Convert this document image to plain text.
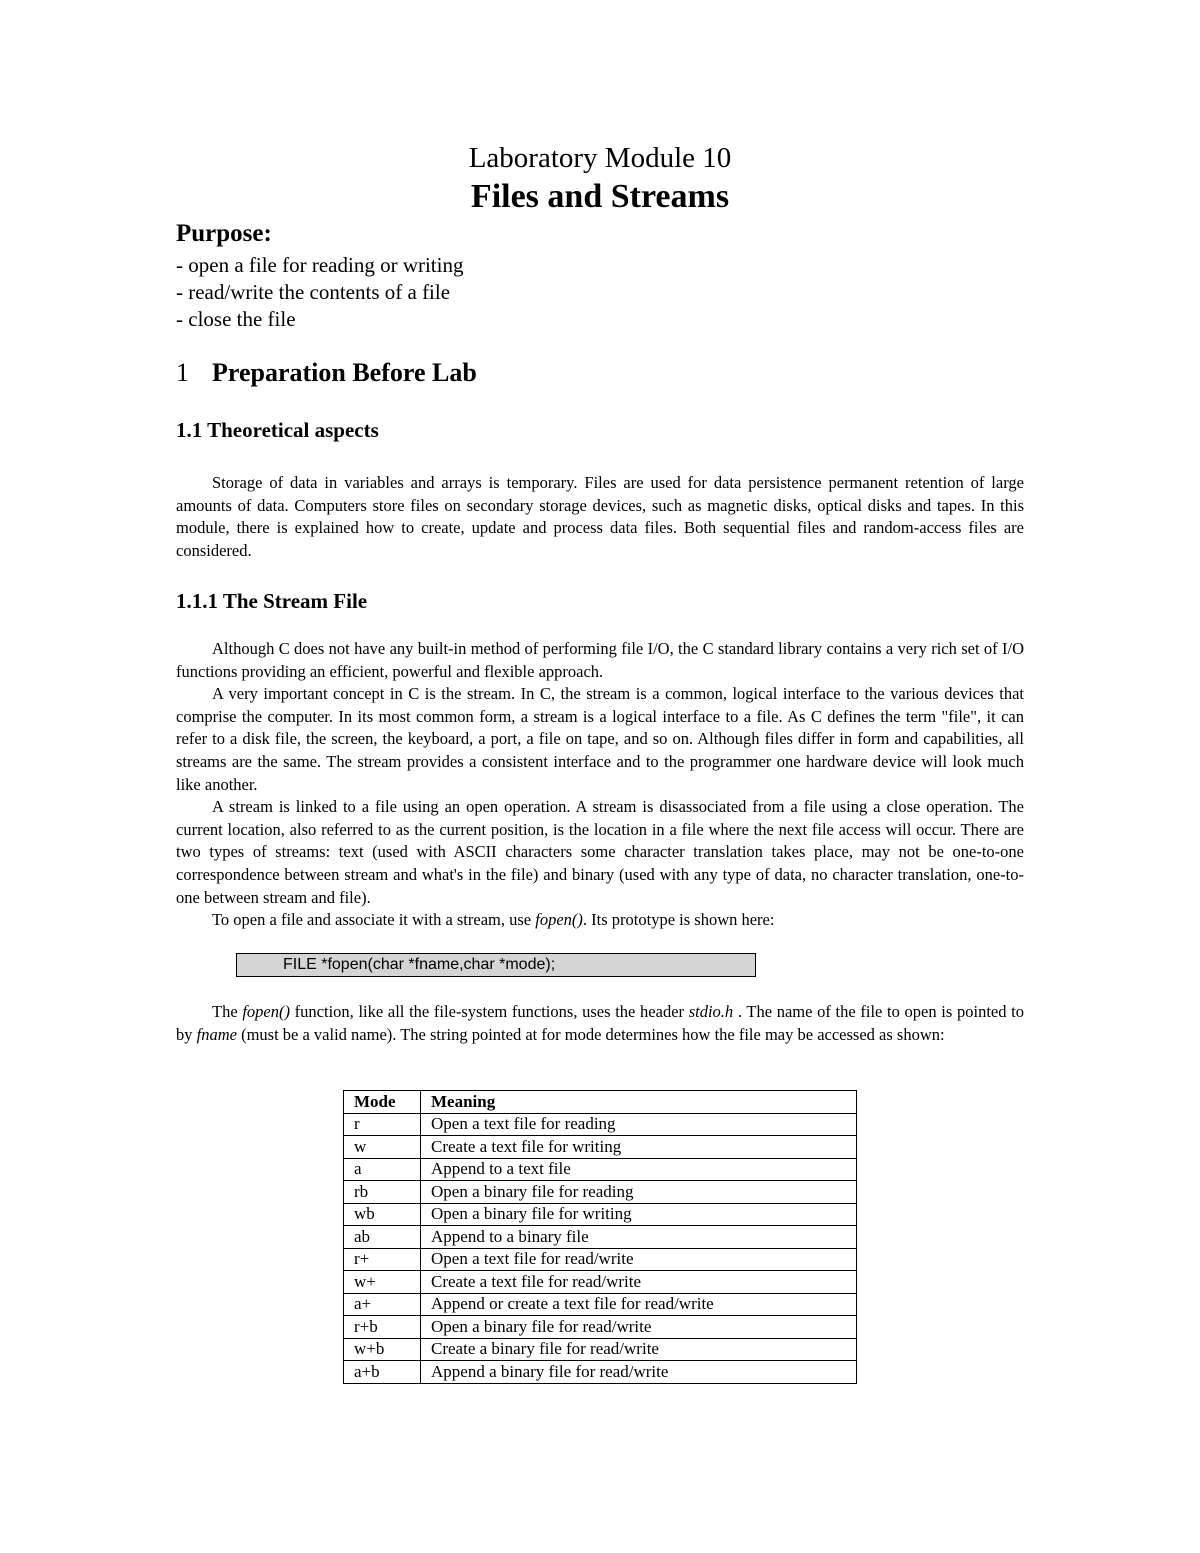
Laboratory Module 10
Files and Streams
Purpose:
- open a file for reading or writing
- read/write the contents of a file
- close the file
1 Preparation Before Lab
1.1 Theoretical aspects

Storage of data in variables and arrays is temporary. Files are used for data persistence permanent retention of large amounts of data. Computers store files on secondary storage devices, such as magnetic disks, optical disks and tapes. In this module, there is explained how to create, update and process data files. Both sequential files and random-access files are considered.

1.1.1 The Stream File

Although C does not have any built-in method of performing file I/O, the C standard library contains a very rich set of I/O functions providing an efficient, powerful and flexible approach.

A very important concept in C is the stream. In C, the stream is a common, logical interface to the various devices that comprise the computer. In its most common form, a stream is a logical interface to a file. As C defines the term "file", it can refer to a disk file, the screen, the keyboard, a port, a file on tape, and so on. Although files differ in form and capabilities, all streams are the same. The stream provides a consistent interface and to the programmer one hardware device will look much like another.

A stream is linked to a file using an open operation. A stream is disassociated from a file using a close operation. The current location, also referred to as the current position, is the location in a file where the next file access will occur. There are two types of streams: text (used with ASCII characters some character translation takes place, may not be one-to-one correspondence between stream and what's in the file) and binary (used with any type of data, no character translation, one-to-one between stream and file).

To open a file and associate it with a stream, use fopen(). Its prototype is shown here:

FILE *fopen(char *fname,char *mode);

The fopen() function, like all the file-system functions, uses the header stdio.h . The name of the file to open is pointed to by fname (must be a valid name). The string pointed at for mode determines how the file may be accessed as shown:

Mode	Meaning
r	Open a text file for reading
w	Create a text file for writing
a	Append to a text file
rb	Open a binary file for reading
wb	Open a binary file for writing
ab	Append to a binary file
r+	Open a text file for read/write
w+	Create a text file for read/write
a+	Append or create a text file for read/write
r+b	Open a binary file for read/write
w+b	Create a binary file for read/write
a+b	Append a binary file for read/write
